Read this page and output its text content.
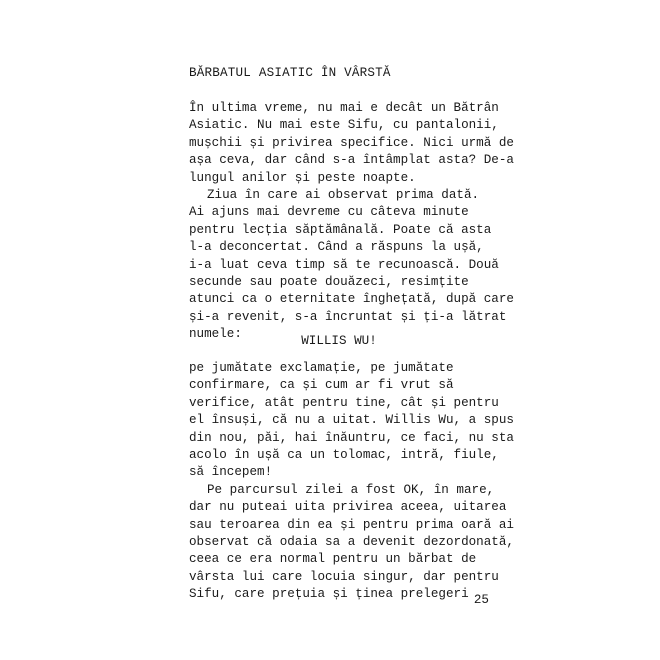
BĂRBATUL ASIATIC ÎN VÂRSTĂ
În ultima vreme, nu mai e decât un Bătrân
Asiatic. Nu mai este Sifu, cu pantalonii,
mușchii și privirea specifice. Nici urmă de
așa ceva, dar când s-a întâmplat asta? De-a
lungul anilor și peste noapte.
Ziua în care ai observat prima dată.
Ai ajuns mai devreme cu câteva minute
pentru lecția săptămânală. Poate că asta
l-a deconcertat. Când a răspuns la ușă,
i-a luat ceva timp să te recunoască. Două
secunde sau poate douăzeci, resimțite
atunci ca o eternitate înghețată, după care
și-a revenit, s-a încruntat și ți-a lătrat
numele:	WILLIS WU!
pe jumătate exclamație, pe jumătate
confirmare, ca și cum ar fi vrut să
verifice, atât pentru tine, cât și pentru
el însuși, că nu a uitat. Willis Wu, a spus
din nou, păi, hai înăuntru, ce faci, nu sta
acolo în ușă ca un tolomac, intră, fiule,
să începem!
Pe parcursul zilei a fost OK, în mare,
dar nu puteai uita privirea aceea, uitarea
sau teroarea din ea și pentru prima oară ai
observat că odaia sa a devenit dezordonată,
ceea ce era normal pentru un bărbat de
vârsta lui care locuia singur, dar pentru
Sifu, care prețuia și ținea prelegeri 25
